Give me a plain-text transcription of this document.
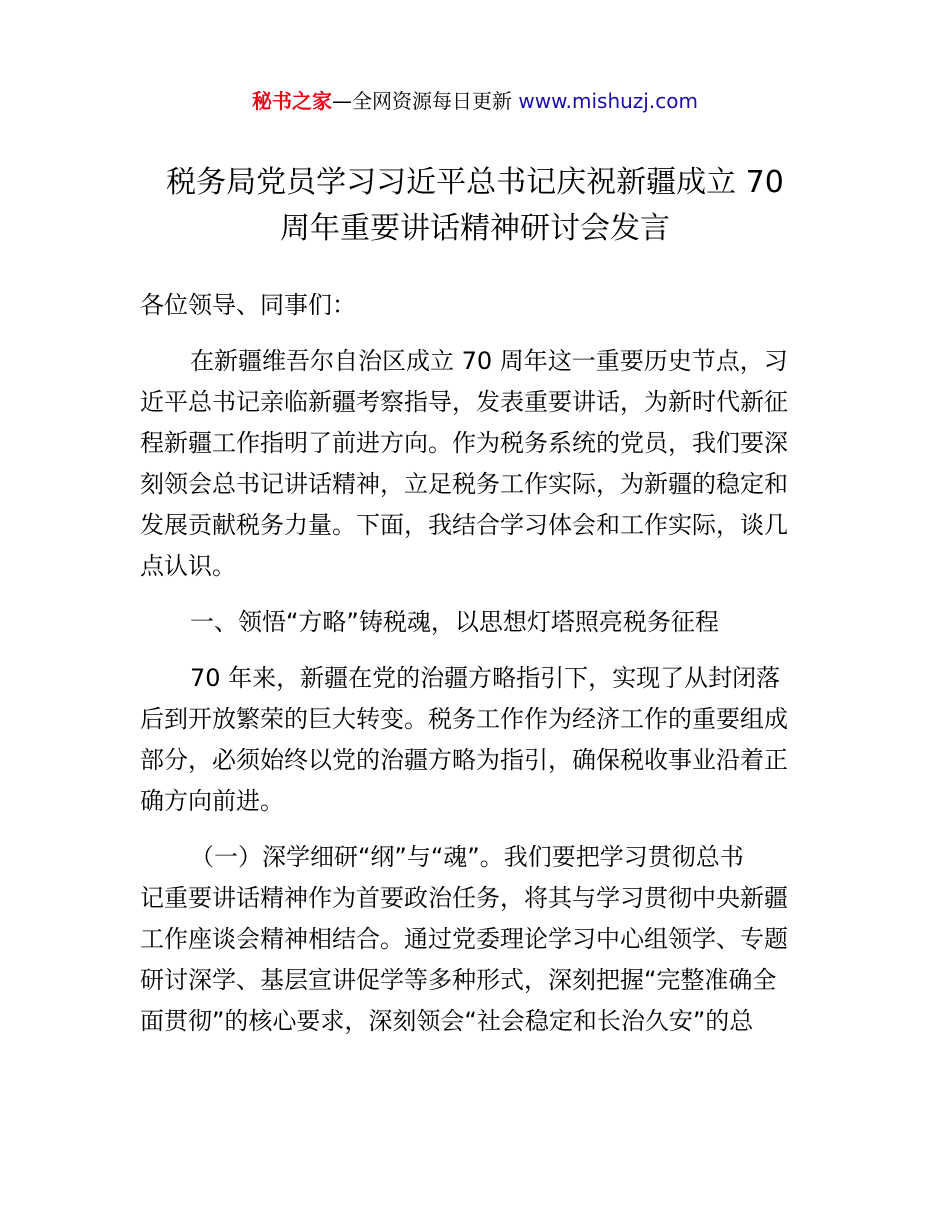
秘书之家—全网资源每日更新 www.mishuzj.com
税务局党员学习习近平总书记庆祝新疆成立 70
周年重要讲话精神研讨会发言
各位领导、同事们：
在新疆维吾尔自治区成立 70 周年这一重要历史节点，习
近平总书记亲临新疆考察指导，发表重要讲话，为新时代新征
程新疆工作指明了前进方向。作为税务系统的党员，我们要深
刻领会总书记讲话精神，立足税务工作实际，为新疆的稳定和
发展贡献税务力量。下面，我结合学习体会和工作实际，谈几
点认识。
一、领悟“方略”铸税魂，以思想灯塔照亮税务征程
70 年来，新疆在党的治疆方略指引下，实现了从封闭落
后到开放繁荣的巨大转变。税务工作作为经济工作的重要组成
部分，必须始终以党的治疆方略为指引，确保税收事业沿着正
确方向前进。
（一）深学细研“纲”与“魂”。我们要把学习贯彻总书
记重要讲话精神作为首要政治任务，将其与学习贯彻中央新疆
工作座谈会精神相结合。通过党委理论学习中心组领学、专题
研讨深学、基层宣讲促学等多种形式，深刻把握“完整准确全
面贯彻”的核心要求，深刻领会“社会稳定和长治久安”的总
